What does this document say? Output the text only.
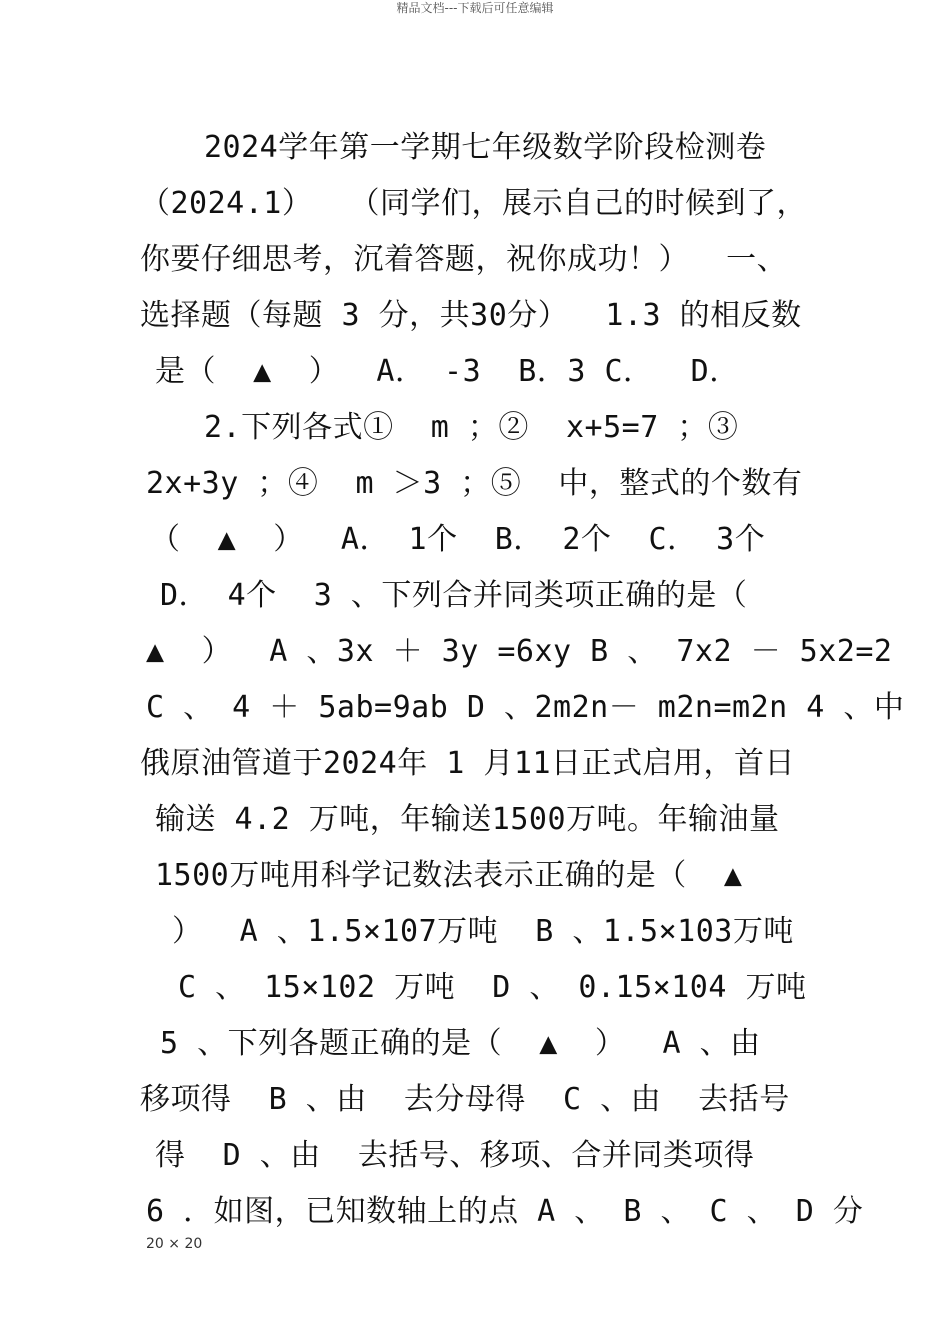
精品文档---下载后可任意编辑
2024学年第一学期七年级数学阶段检测卷
（2024.1）  （同学们，展示自己的时候到了，
你要仔细思考，沉着答题，祝你成功！）  一、
选择题（每题 3 分，共30分）  1.3 的相反数
是（  ▲  ）  A． -3  B．3 C．  D．
2.下列各式①  m ；②  x+5=7 ；③
2x+3y ；④  m ＞3 ；⑤  中，整式的个数有
（  ▲  ）  A． 1个  B． 2个  C． 3个
D． 4个  3 、下列合并同类项正确的是（
▲  ）  A 、3x ＋ 3y =6xy B 、 7x2 － 5x2=2
C 、 4 ＋ 5ab=9ab D 、2m2n－ m2n=m2n 4 、中
俄原油管道于2024年 1 月11日正式启用，首日
输送 4.2 万吨，年输送1500万吨。年输油量
1500万吨用科学记数法表示正确的是（  ▲
）  A 、1.5×107万吨  B 、1.5×103万吨
C 、 15×102 万吨  D 、 0.15×104 万吨
5 、下列各题正确的是（  ▲  ）  A 、由
移项得  B 、由  去分母得  C 、由  去括号
得  D 、由  去括号、移项、合并同类项得
6 ．如图，已知数轴上的点 A 、 B 、 C 、 D 分
20 × 20
